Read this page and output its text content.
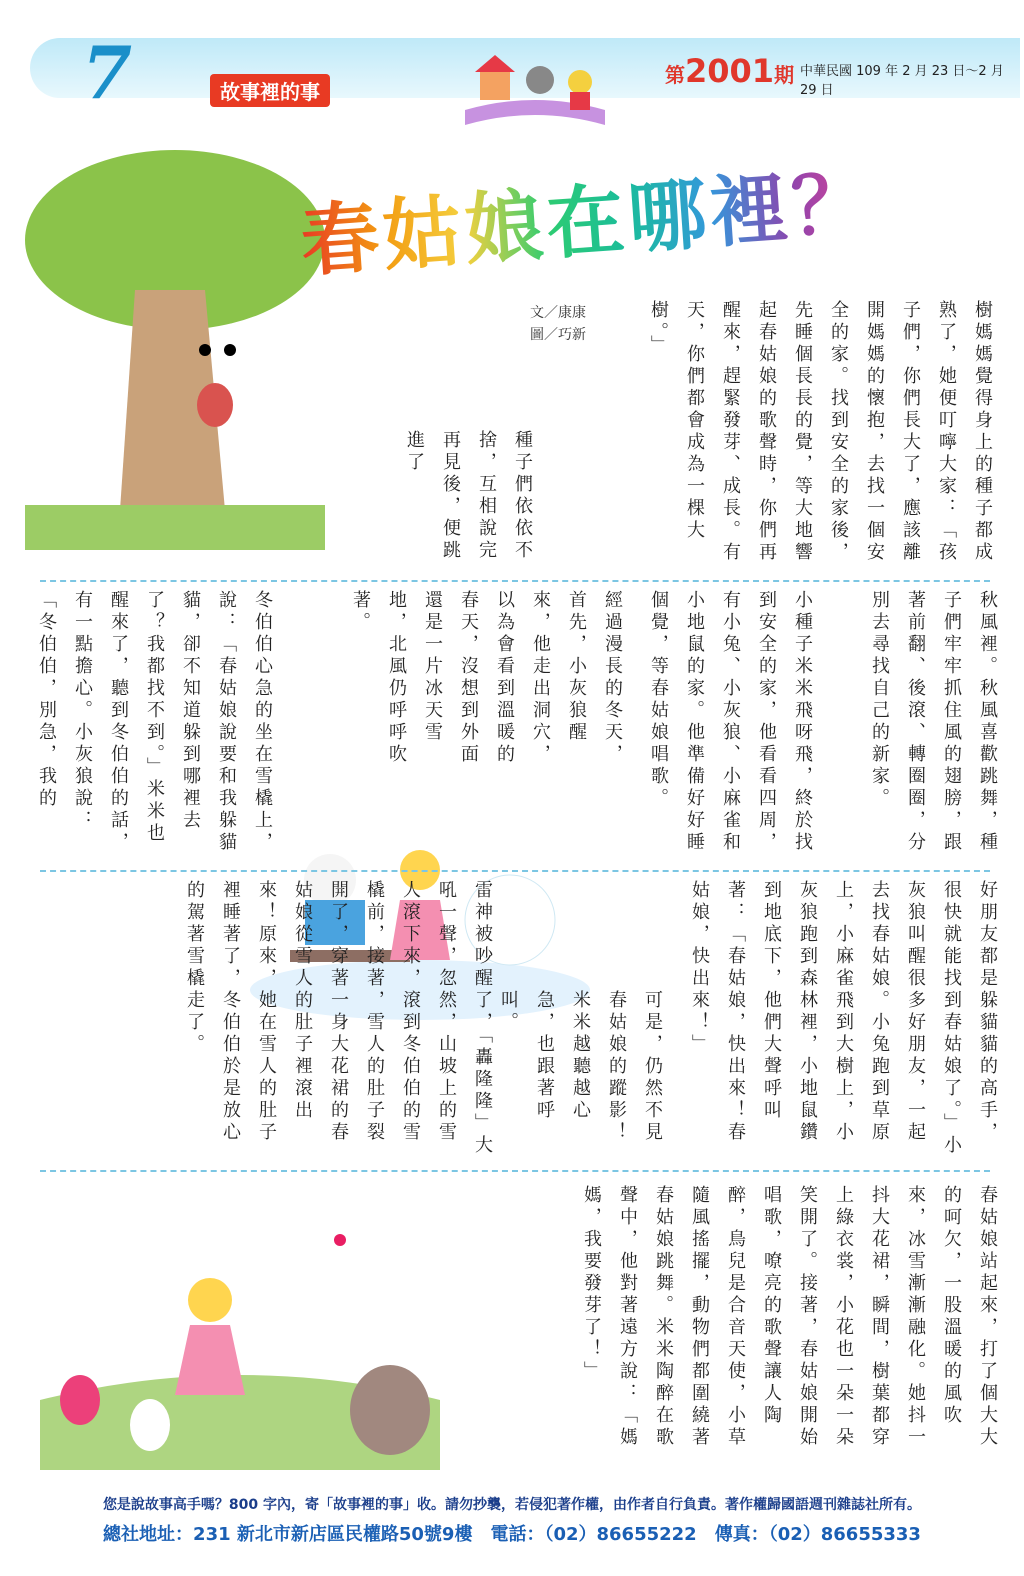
7	故事裡的事
第2001期 中華民國 109 年 2 月 23 日～2 月 29 日
春姑娘在哪裡？
文／康康
圖／巧新	樹媽媽覺得身上的種子都成熟了，她便叮嚀大家：「孩子們，你們長大了，應該離開媽媽的懷抱，去找一個安全的家。找到安全的家後，先睡個長長的覺，等大地響起春姑娘的歌聲時，你們再醒來，趕緊發芽、成長。有天，你們都會成為一棵大樹。」
種子們依依不捨，互相說完再見後，便跳進了
秋風裡。秋風喜歡跳舞，種子們牢牢抓住風的翅膀，跟著前翻、後滾、轉圈圈，分別去尋找自己的新家。
小種子米米飛呀飛，終於找到安全的家，他看看四周，有小兔、小灰狼、小麻雀和小地鼠的家。他準備好好睡個覺，等春姑娘唱歌。
經過漫長的冬天，首先，小灰狼醒來，他走出洞穴，以為會看到溫暖的春天，沒想到外面還是一片冰天雪地，北風仍呼呼吹著。
冬伯伯心急的坐在雪橇上，說：「春姑娘說要和我躲貓貓，卻不知道躲到哪裡去了？我都找不到。」米米也醒來了，聽到冬伯伯的話，有一點擔心。小灰狼說：「冬伯伯，別急，我的
好朋友都是躲貓貓的高手，很快就能找到春姑娘了。」小灰狼叫醒很多好朋友，一起去找春姑娘。小兔跑到草原上，小麻雀飛到大樹上，小灰狼跑到森林裡，小地鼠鑽到地底下，他們大聲呼叫著：「春姑娘，快出來！春姑娘，快出來！」
可是，仍然不見春姑娘的蹤影！米米越聽越心急，也跟著呼叫。
雷神被吵醒了，「轟隆隆」大吼一聲，忽然，山坡上的雪人滾下來，滾到冬伯伯的雪橇前，接著，雪人的肚子裂開了，穿著一身大花裙的春姑娘從雪人的肚子裡滾出來！原來，她在雪人的肚子裡睡著了，冬伯伯於是放心的駕著雪橇走了。
春姑娘站起來，打了個大大的呵欠，一股溫暖的風吹來，冰雪漸漸融化。她抖一抖大花裙，瞬間，樹葉都穿上綠衣裳，小花也一朵一朵笑開了。接著，春姑娘開始唱歌，嘹亮的歌聲讓人陶醉，鳥兒是合音天使，小草隨風搖擺，動物們都圍繞著春姑娘跳舞。米米陶醉在歌聲中，他對著遠方說：「媽媽，我要發芽了！」
您是說故事高手嗎？800 字內，寄「故事裡的事」收。請勿抄襲，若侵犯著作權，由作者自行負責。著作權歸國語週刊雜誌社所有。
總社地址：231 新北市新店區民權路50號9樓　電話：（02）86655222　傳真：（02）86655333
